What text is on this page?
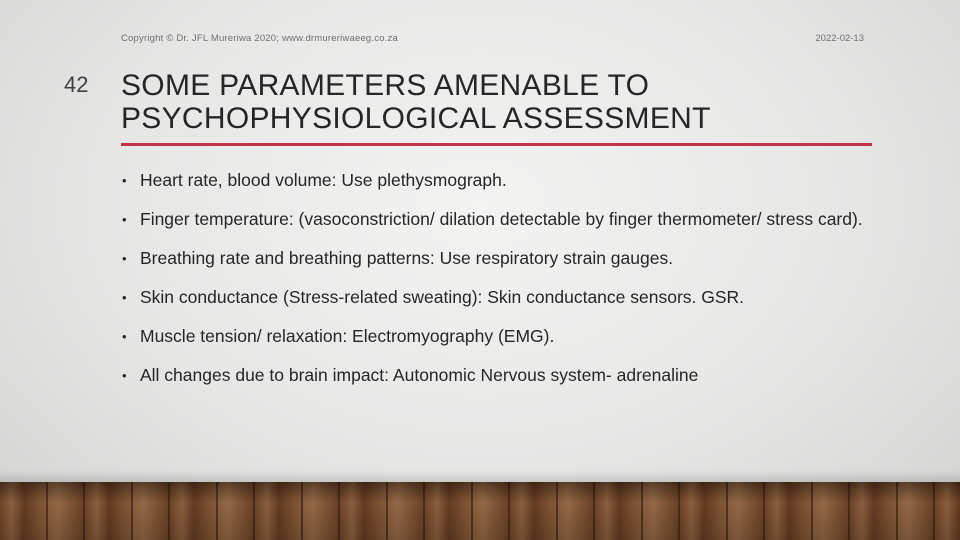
Copyright © Dr. JFL Mureriwa 2020; www.drmureriwaeeg.co.za	2022-02-13
42 SOME PARAMETERS AMENABLE TO PSYCHOPHYSIOLOGICAL ASSESSMENT
• Heart rate, blood volume: Use plethysmograph.
• Finger temperature: (vasoconstriction/ dilation detectable by finger thermometer/ stress card).
• Breathing rate and breathing patterns: Use respiratory strain gauges.
• Skin conductance (Stress-related sweating): Skin conductance sensors. GSR.
• Muscle tension/ relaxation: Electromyography (EMG).
• All changes due to brain impact: Autonomic Nervous system- adrenaline
